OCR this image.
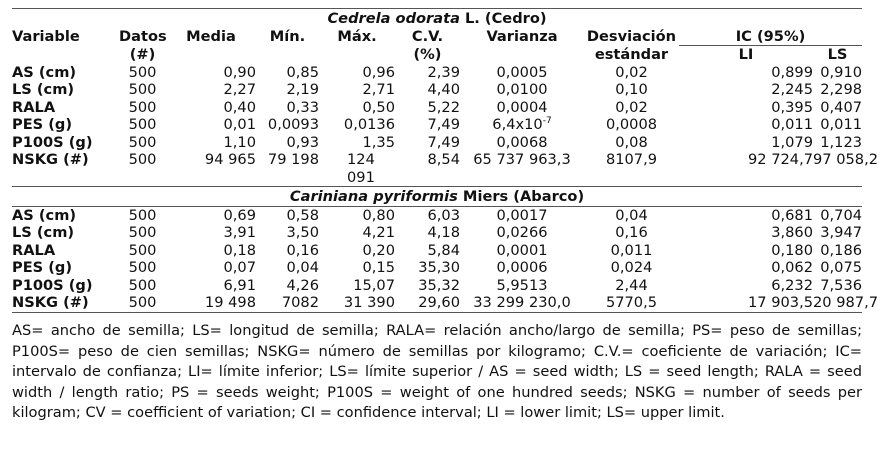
Cedrela odorata L. (Cedro)									
Variable	Datos	Media	Mín.	Máx.	C.V.	Varianza	Desviación	IC (95%)	

	(#)				(%)		estándar	LI	LS
AS (cm)	500	0,90	0,85	0,96	2,39	0,0005	0,02	0,899	0,910
LS (cm)	500	2,27	2,19	2,71	4,40	0,0100	0,10	2,245	2,298
RALA	500	0,40	0,33	0,50	5,22	0,0004	0,02	0,395	0,407
PES (g)	500	0,01	0,0093	0,0136	7,49	$6,4x10^{-7}$	0,0008	0,011	0,011
P100S (g)	500	1,10	0,93	1,35	7,49	0,0068	0,08	1,079	1,123
NSKG (#)	500	94 965	79 198	124 091	8,54	65 737 963,3	8107,9	92 724,7	97 058,2
Cariniana pyriformis Miers (Abarco)									
AS (cm)	500	0,69	0,58	0,80	6,03	0,0017	0,04	0,681	0,704
LS (cm)	500	3,91	3,50	4,21	4,18	0,0266	0,16	3,860	3,947
RALA	500	0,18	0,16	0,20	5,84	0,0001	0,011	0,180	0,186
PES (g)	500	0,07	0,04	0,15	35,30	0,0006	0,024	0,062	0,075
P100S (g)	500	6,91	4,26	15,07	35,32	5,9513	2,44	6,232	7,536
NSKG (#)	500	19 498	7082	31 390	29,60	33 299 230,0	5770,5	17 903,5	20 987,7
AS= ancho de semilla; LS= longitud de semilla; RALA= relación ancho/largo de semilla; PS= peso de semillas; P100S= peso de cien semillas; NSKG= número de semillas por kilogramo; C.V.= coeficiente de variación; IC= intervalo de confianza; LI= límite inferior; LS= límite superior / AS = seed width; LS = seed length; RALA = seed width / length ratio; PS = seeds weight; P100S = weight of one hundred seeds; NSKG = number of seeds per kilogram; CV = coefficient of variation; CI = confidence interval; LI = lower limit; LS= upper limit.
